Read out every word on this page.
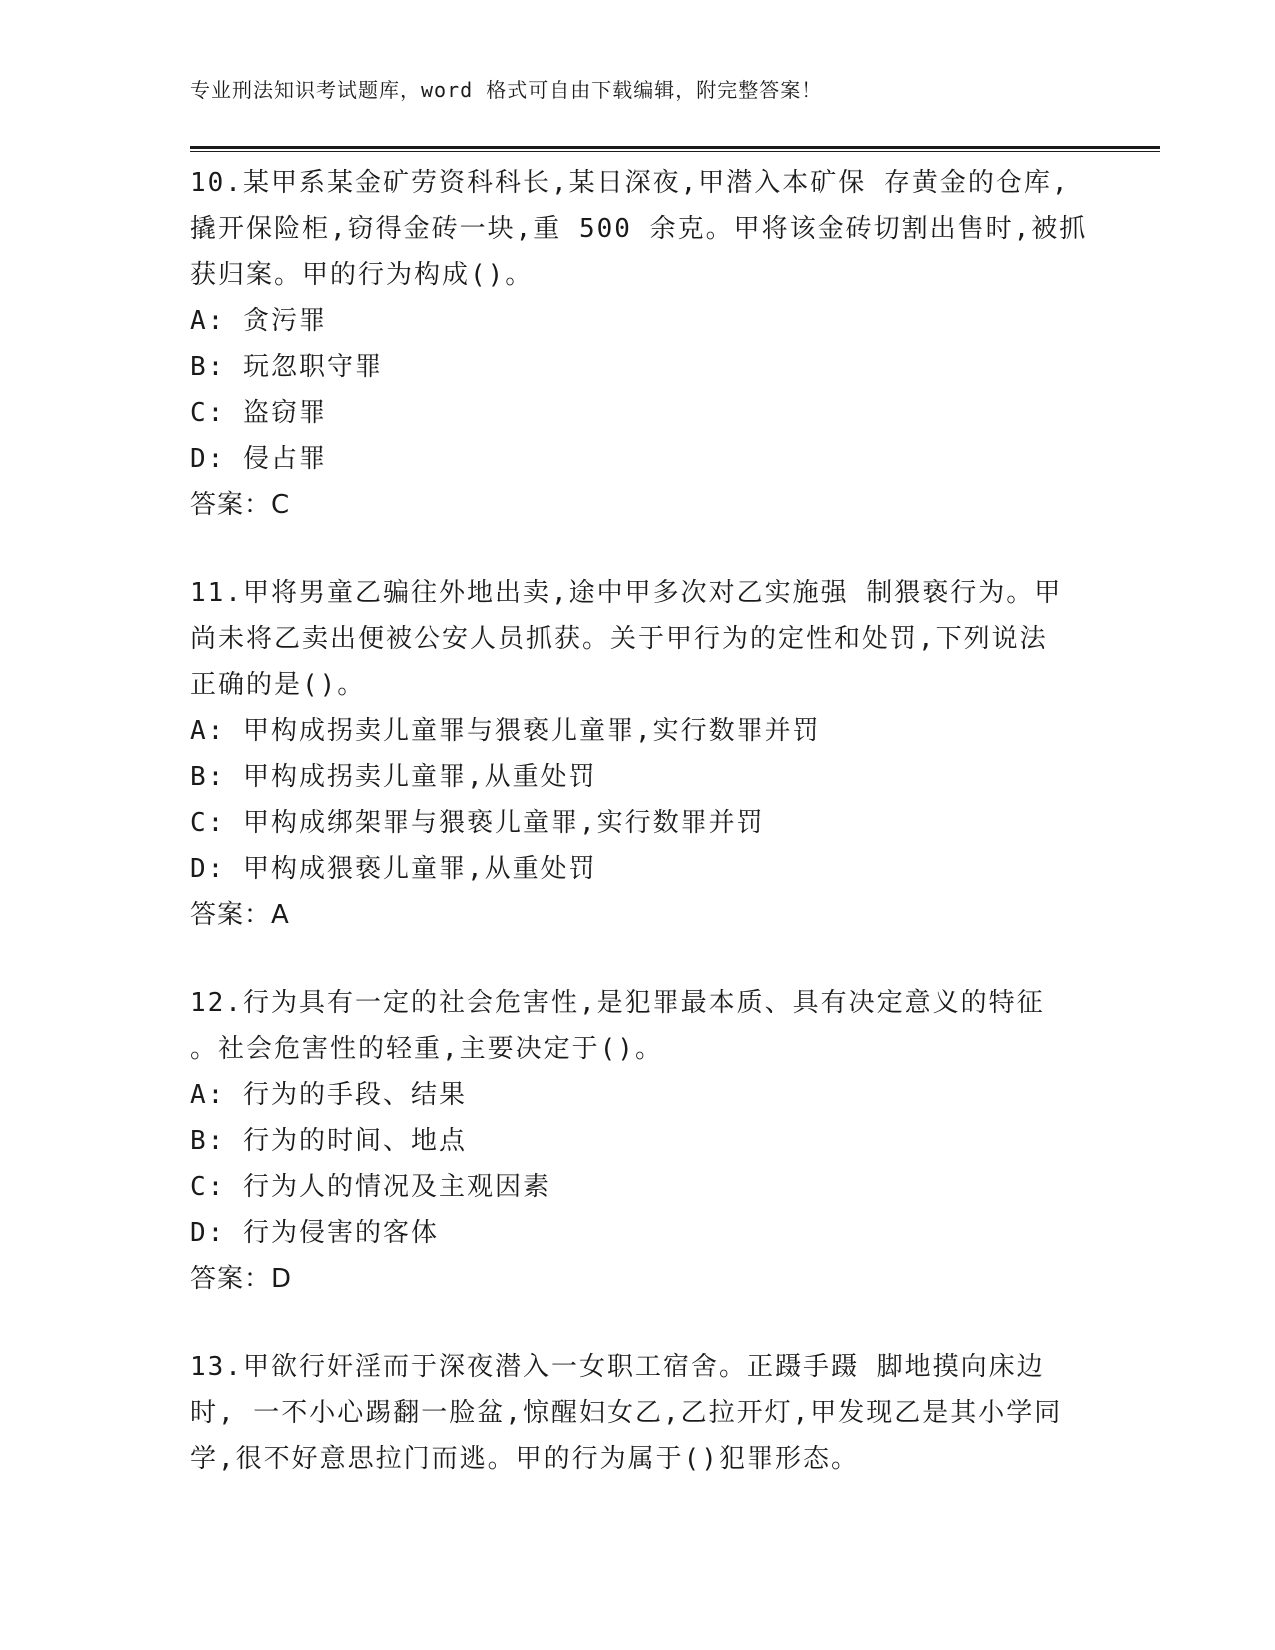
专业刑法知识考试题库，word 格式可自由下载编辑，附完整答案！
10.某甲系某金矿劳资科科长,某日深夜,甲潜入本矿保 存黄金的仓库,
撬开保险柜,窃得金砖一块,重 500 余克。甲将该金砖切割出售时,被抓
获归案。甲的行为构成()。
A: 贪污罪
B: 玩忽职守罪
C: 盗窃罪
D: 侵占罪
答案：C
11.甲将男童乙骗往外地出卖,途中甲多次对乙实施强 制猥亵行为。甲
尚未将乙卖出便被公安人员抓获。关于甲行为的定性和处罚,下列说法
正确的是()。
A: 甲构成拐卖儿童罪与猥亵儿童罪,实行数罪并罚
B: 甲构成拐卖儿童罪,从重处罚
C: 甲构成绑架罪与猥亵儿童罪,实行数罪并罚
D: 甲构成猥亵儿童罪,从重处罚
答案：A
12.行为具有一定的社会危害性,是犯罪最本质、具有决定意义的特征
。社会危害性的轻重,主要决定于()。
A: 行为的手段、结果
B: 行为的时间、地点
C: 行为人的情况及主观因素
D: 行为侵害的客体
答案：D
13.甲欲行奸淫而于深夜潜入一女职工宿舍。正蹑手蹑 脚地摸向床边
时, 一不小心踢翻一脸盆,惊醒妇女乙,乙拉开灯,甲发现乙是其小学同
学,很不好意思拉门而逃。甲的行为属于()犯罪形态。
